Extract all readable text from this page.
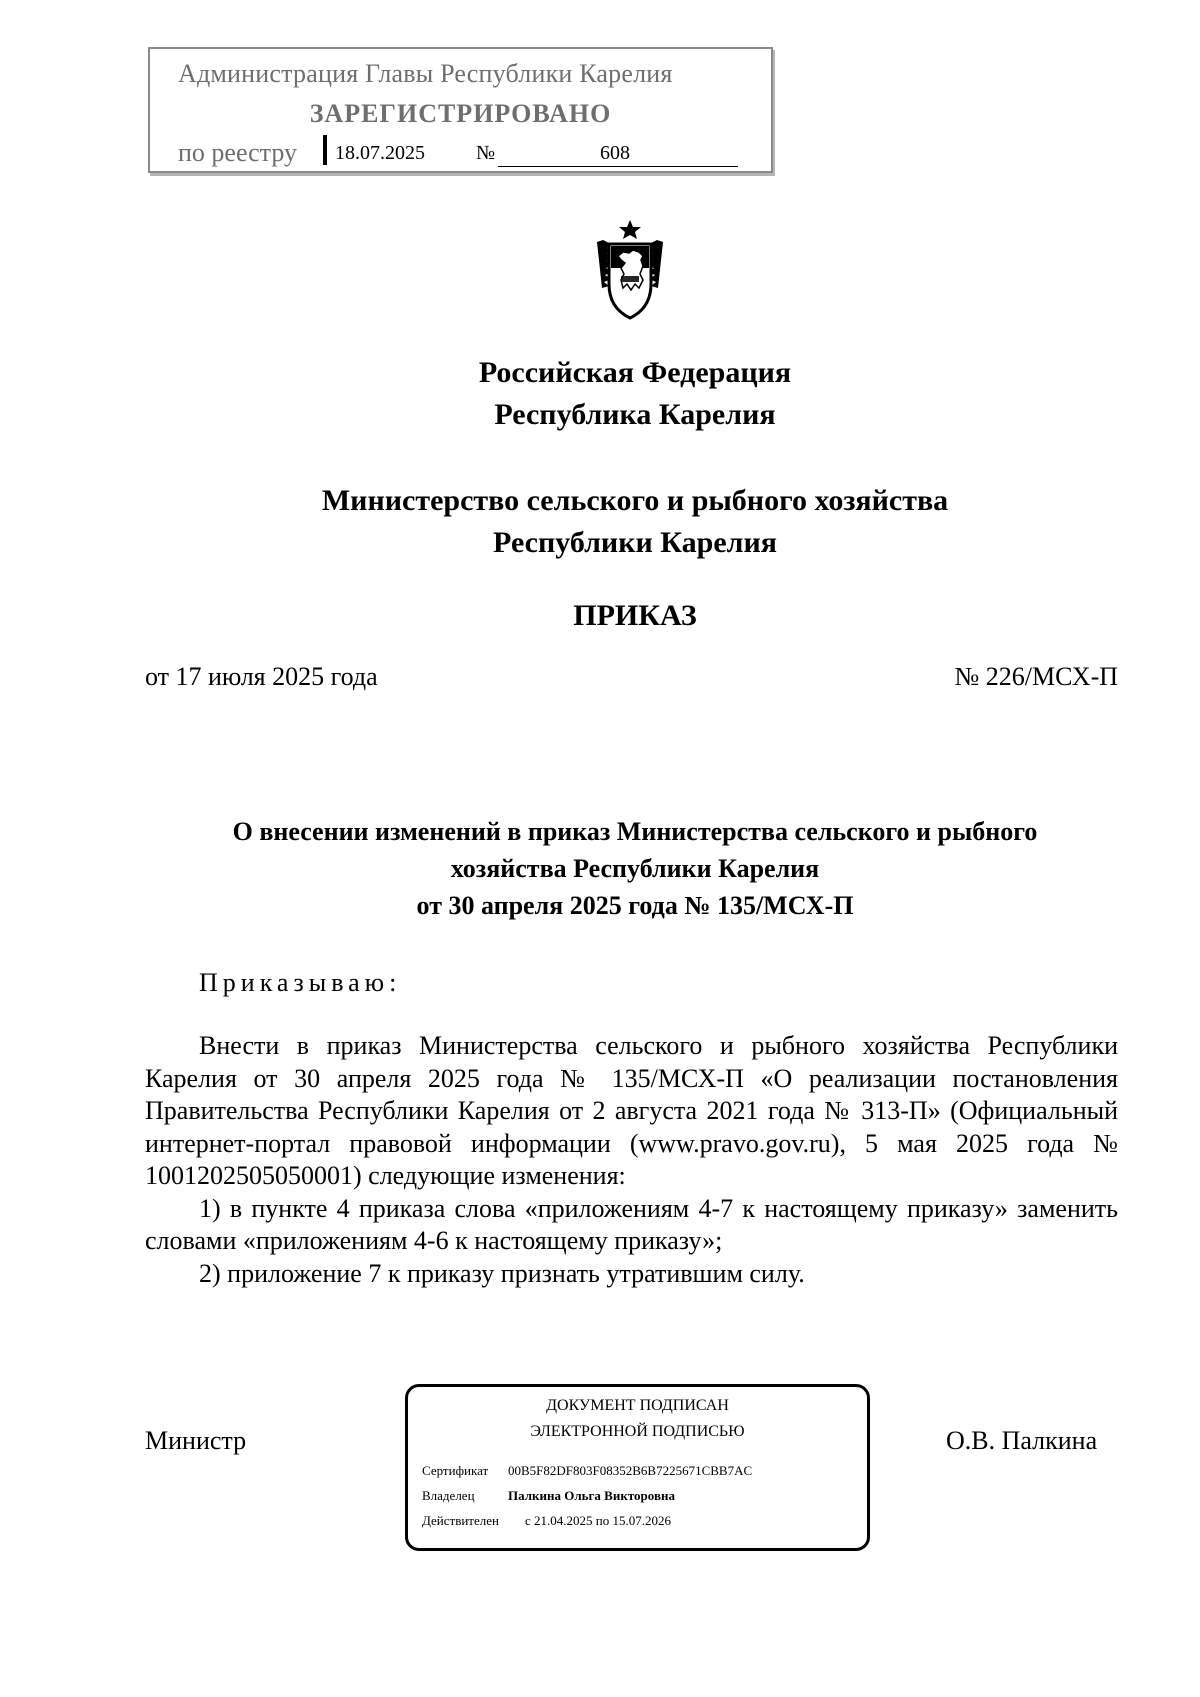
Администрация Главы Республики Карелия
ЗАРЕГИСТРИРОВАНО
по реестру 18.07.2025	№	608
Российская Федерация
Республика Карелия
Министерство сельского и рыбного хозяйства
Республики Карелия
ПРИКАЗ
от 17 июля 2025 года	№ 226/МСХ-П
О внесении изменений в приказ Министерства сельского и рыбного
хозяйства Республики Карелия
от 30 апреля 2025 года № 135/МСХ-П
Приказываю:

Внести в приказ Министерства сельского и рыбного хозяйства Республики Карелия от 30 апреля 2025 года № 135/МСХ-П «О реализации постановления Правительства Республики Карелия от 2 августа 2021 года № 313-П» (Официальный интернет-портал правовой информации (www.pravo.gov.ru), 5 мая 2025 года № 1001202505050001) следующие изменения:

1) в пункте 4 приказа слова «приложениям 4-7 к настоящему приказу» заменить словами «приложениям 4-6 к настоящему приказу»;

2) приложение 7 к приказу признать утратившим силу.

Министр	О.В. Палкина
ДОКУМЕНТ ПОДПИСАН
ЭЛЕКТРОННОЙ ПОДПИСЬЮ
Сертификат 00B5F82DF803F08352B6B7225671CBB7AC
Владелец	Палкина Ольга Викторовна
Действителен с 21.04.2025 по 15.07.2026
